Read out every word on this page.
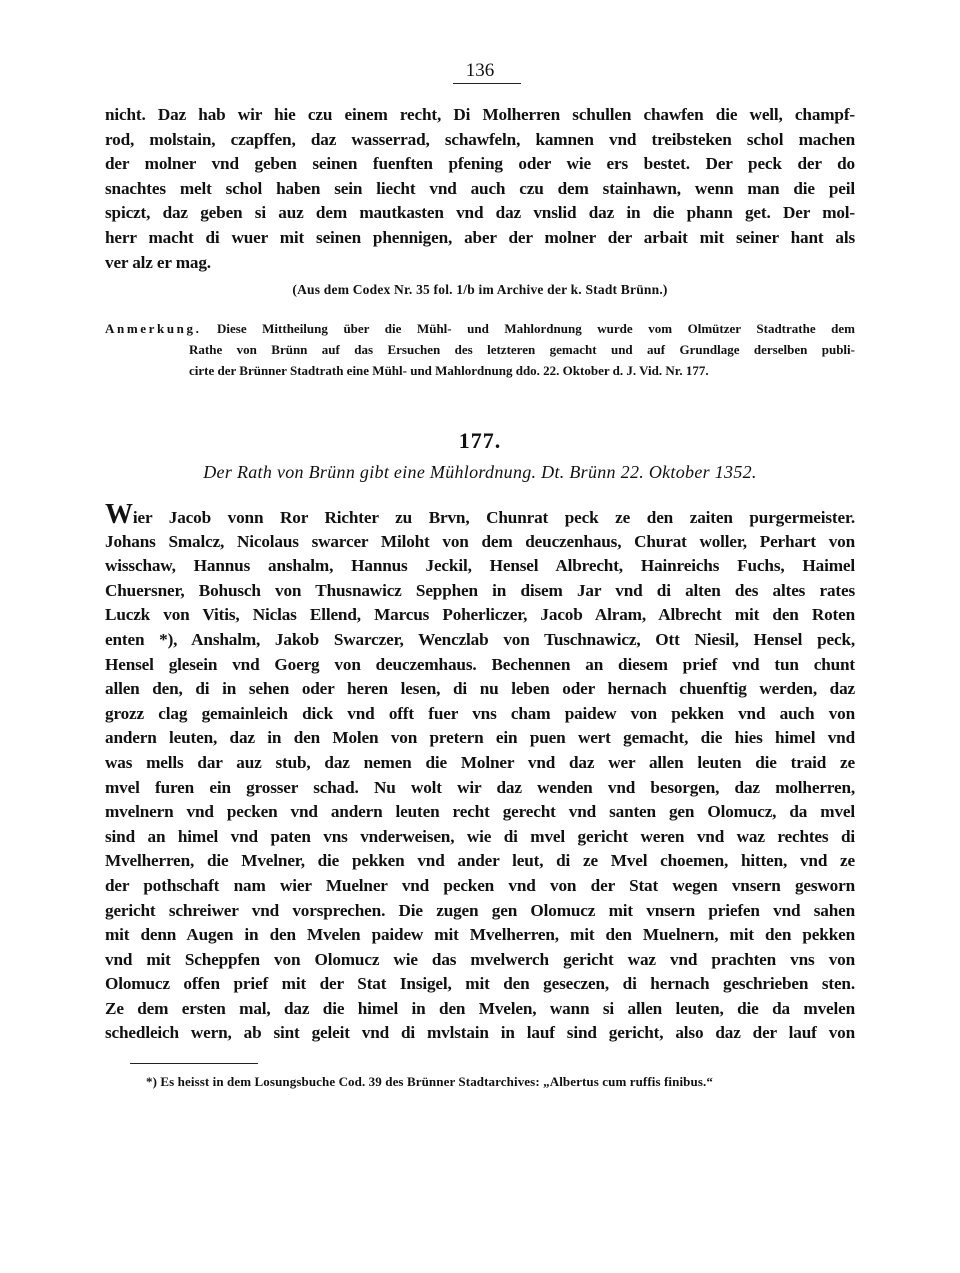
136
nicht. Daz hab wir hie czu einem recht, Di Molherren schullen chawfen die well, champf-
rod, molstain, czapffen, daz wasserrad, schawfeln, kamnen vnd treibsteken schol machen
der molner vnd geben seinen fuenften pfening oder wie ers bestet. Der peck der do
snachtes melt schol haben sein liecht vnd auch czu dem stainhawn, wenn man die peil
spiczt, daz geben si auz dem mautkasten vnd daz vnslid daz in die phann get. Der mol-
herr macht di wuer mit seinen phennigen, aber der molner der arbait mit seiner hant als
ver alz er mag.
(Aus dem Codex Nr. 35 fol. 1/b im Archive der k. Stadt Brünn.)
Anmerkung. Diese Mittheilung über die Mühl- und Mahlordnung wurde vom Olmützer Stadtrathe dem
Rathe von Brünn auf das Ersuchen des letzteren gemacht und auf Grundlage derselben publi-
cirte der Brünner Stadtrath eine Mühl- und Mahlordnung ddo. 22. Oktober d. J. Vid. Nr. 177.
177.
Der Rath von Brünn gibt eine Mühlordnung. Dt. Brünn 22. Oktober 1352.
Wier Jacob vonn Ror Richter zu Brvn, Chunrat peck ze den zaiten purgermeister.
Johans Smalcz, Nicolaus swarcer Miloht von dem deuczenhaus, Churat woller, Perhart von
wisschaw, Hannus anshalm, Hannus Jeckil, Hensel Albrecht, Hainreichs Fuchs, Haimel
Chuersner, Bohusch von Thusnawicz Sepphen in disem Jar vnd di alten des altes rates
Luczk von Vitis, Niclas Ellend, Marcus Poherliczer, Jacob Alram, Albrecht mit den Roten
enten *), Anshalm, Jakob Swarczer, Wenczlab von Tuschnawicz, Ott Niesil, Hensel peck,
Hensel glesein vnd Goerg von deuczemhaus. Bechennen an diesem prief vnd tun chunt
allen den, di in sehen oder heren lesen, di nu leben oder hernach chuenftig werden, daz
grozz clag gemainleich dick vnd offt fuer vns cham paidew von pekken vnd auch von
andern leuten, daz in den Molen von pretern ein puen wert gemacht, die hies himel vnd
was mells dar auz stub, daz nemen die Molner vnd daz wer allen leuten die traid ze
mvel furen ein grosser schad. Nu wolt wir daz wenden vnd besorgen, daz molherren,
mvelnern vnd pecken vnd andern leuten recht gerecht vnd santen gen Olomucz, da mvel
sind an himel vnd paten vns vnderweisen, wie di mvel gericht weren vnd waz rechtes di
Mvelherren, die Mvelner, die pekken vnd ander leut, di ze Mvel choemen, hitten, vnd ze
der pothschaft nam wier Muelner vnd pecken vnd von der Stat wegen vnsern gesworn
gericht schreiwer vnd vorsprechen. Die zugen gen Olomucz mit vnsern priefen vnd sahen
mit denn Augen in den Mvelen paidew mit Mvelherren, mit den Muelnern, mit den pekken
vnd mit Scheppfen von Olomucz wie das mvelwerch gericht waz vnd prachten vns von
Olomucz offen prief mit der Stat Insigel, mit den geseczen, di hernach geschrieben sten.
Ze dem ersten mal, daz die himel in den Mvelen, wann si allen leuten, die da mvelen
schedleich wern, ab sint geleit vnd di mvlstain in lauf sind gericht, also daz der lauf von
*) Es heisst in dem Losungsbuche Cod. 39 des Brünner Stadtarchives: „Albertus cum ruffis finibus.“
